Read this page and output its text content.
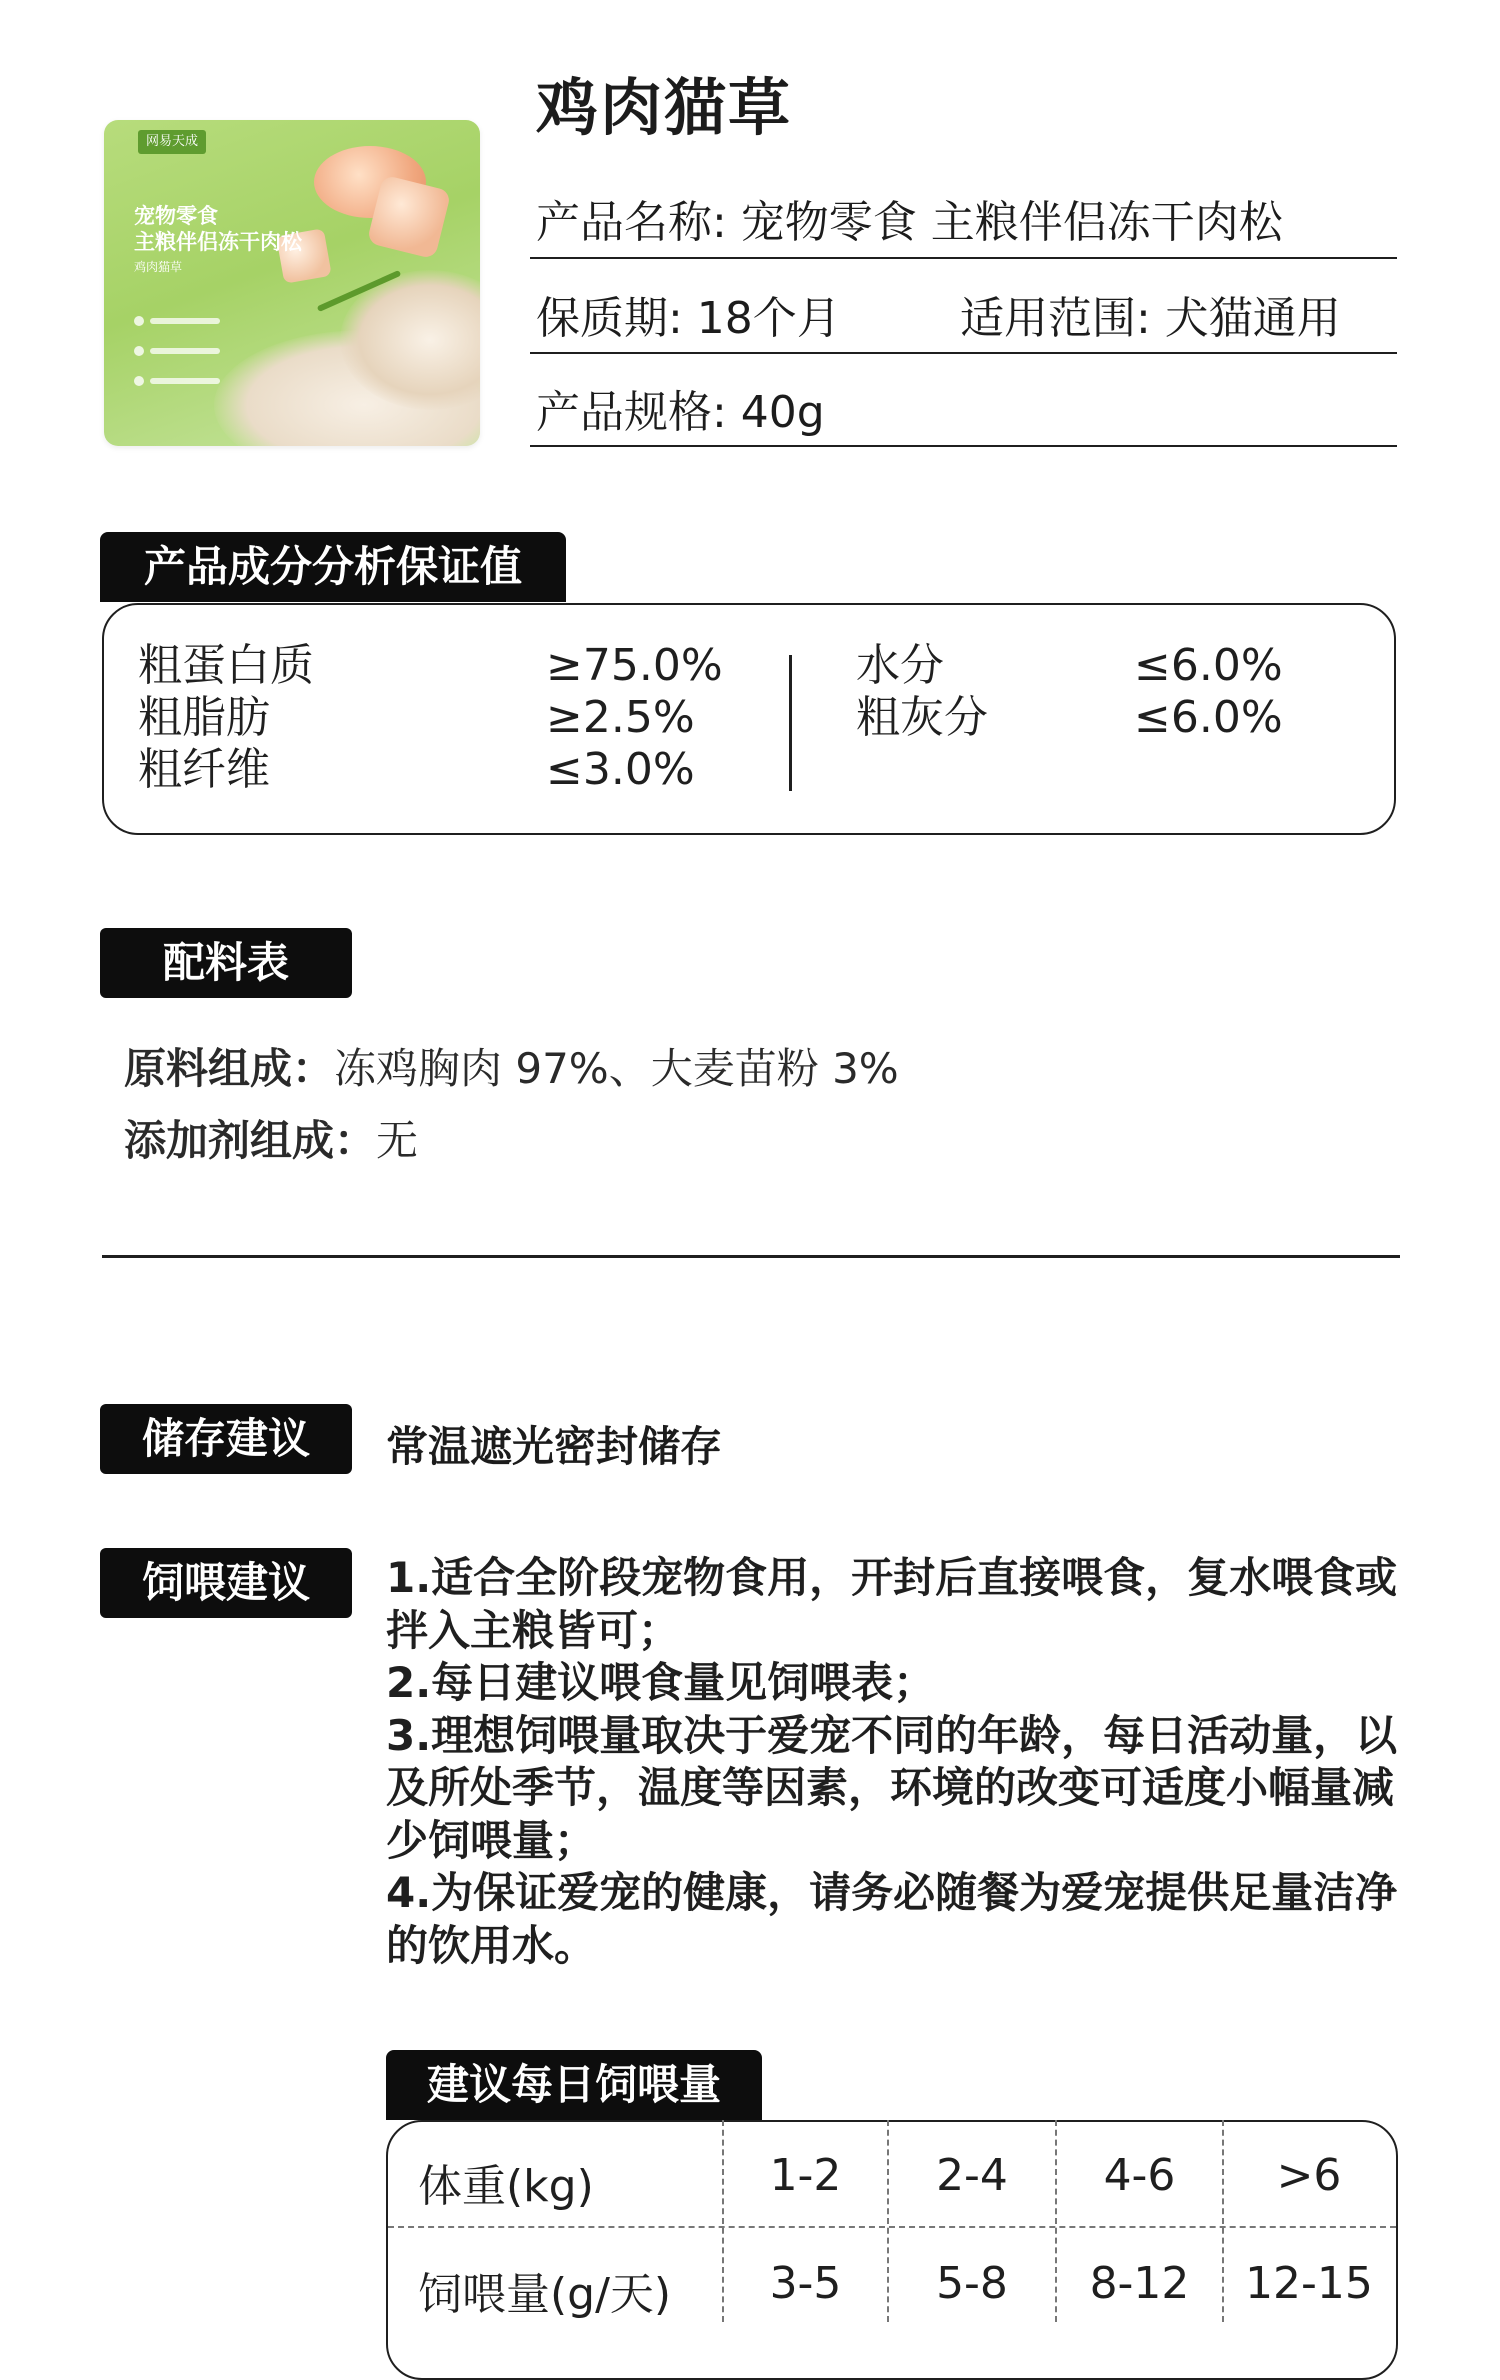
网易天成
宠物零食
主粮伴侣冻干肉松
鸡肉猫草
鸡肉猫草
产品名称: 宠物零食 主粮伴侣冻干肉松
保质期: 18个月	适用范围: 犬猫通用
产品规格: 40g
产品成分分析保证值
粗蛋白质	≥75.0%
粗脂肪	≥2.5%
粗纤维	≤3.0%
水分	≤6.0%
粗灰分	≤6.0%
配料表
原料组成：冻鸡胸肉 97%、大麦苗粉 3%
添加剂组成：无
储存建议	常温遮光密封储存
饲喂建议	1.适合全阶段宠物食用，开封后直接喂食，复水喂食或拌入主粮皆可；
2.每日建议喂食量见饲喂表；
3.理想饲喂量取决于爱宠不同的年龄，每日活动量，以及所处季节，温度等因素，环境的改变可适度小幅量减少饲喂量；
4.为保证爱宠的健康，请务必随餐为爱宠提供足量洁净的饮用水。
建议每日饲喂量
体重(kg)	1-2	2-4	4-6	>6
饲喂量(g/天)	3-5	5-8	8-12	12-15
